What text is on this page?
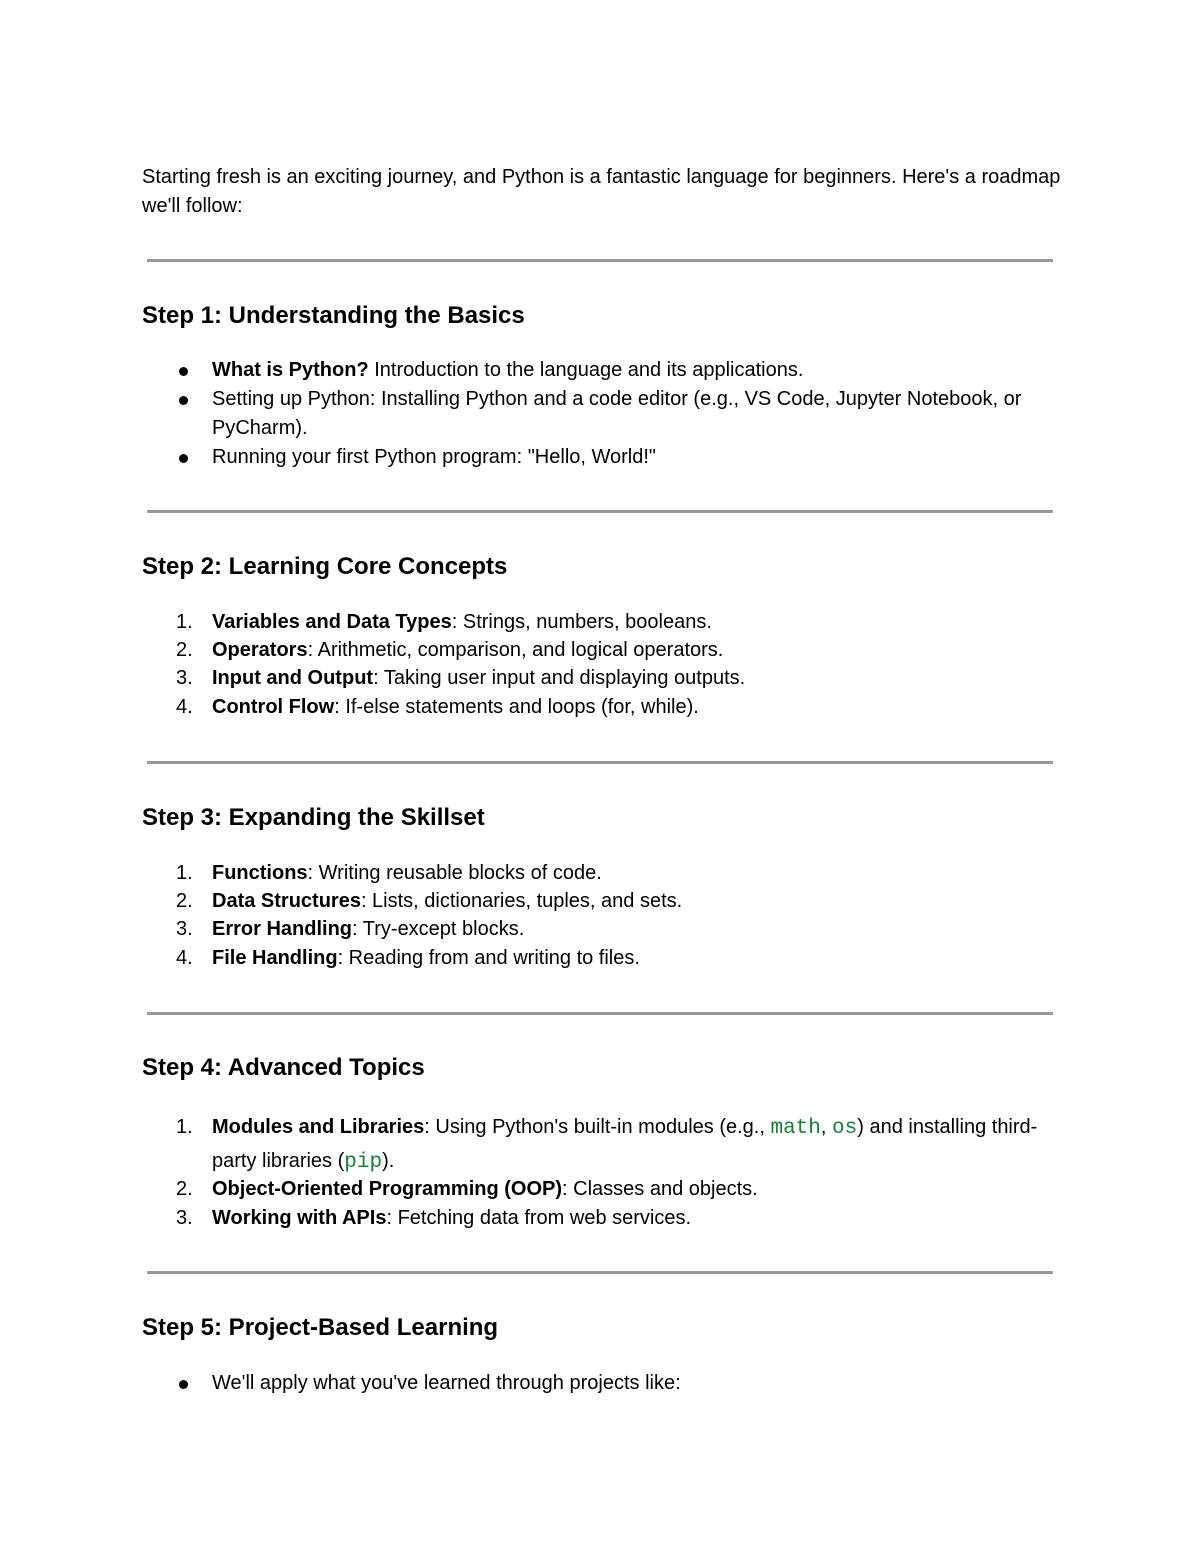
Starting fresh is an exciting journey, and Python is a fantastic language for beginners. Here's a roadmap we'll follow:

Step 1: Understanding the Basics
What is Python? Introduction to the language and its applications.
Setting up Python: Installing Python and a code editor (e.g., VS Code, Jupyter Notebook, or PyCharm).
Running your first Python program: "Hello, World!"
Step 2: Learning Core Concepts
1. Variables and Data Types: Strings, numbers, booleans.
2. Operators: Arithmetic, comparison, and logical operators.
3. Input and Output: Taking user input and displaying outputs.
4. Control Flow: If-else statements and loops (for, while).
Step 3: Expanding the Skillset
1. Functions: Writing reusable blocks of code.
2. Data Structures: Lists, dictionaries, tuples, and sets.
3. Error Handling: Try-except blocks.
4. File Handling: Reading from and writing to files.
Step 4: Advanced Topics
1. Modules and Libraries: Using Python's built-in modules (e.g., math, os) and installing third-party libraries (pip).
2. Object-Oriented Programming (OOP): Classes and objects.
3. Working with APIs: Fetching data from web services.
Step 5: Project-Based Learning
We'll apply what you've learned through projects like:
